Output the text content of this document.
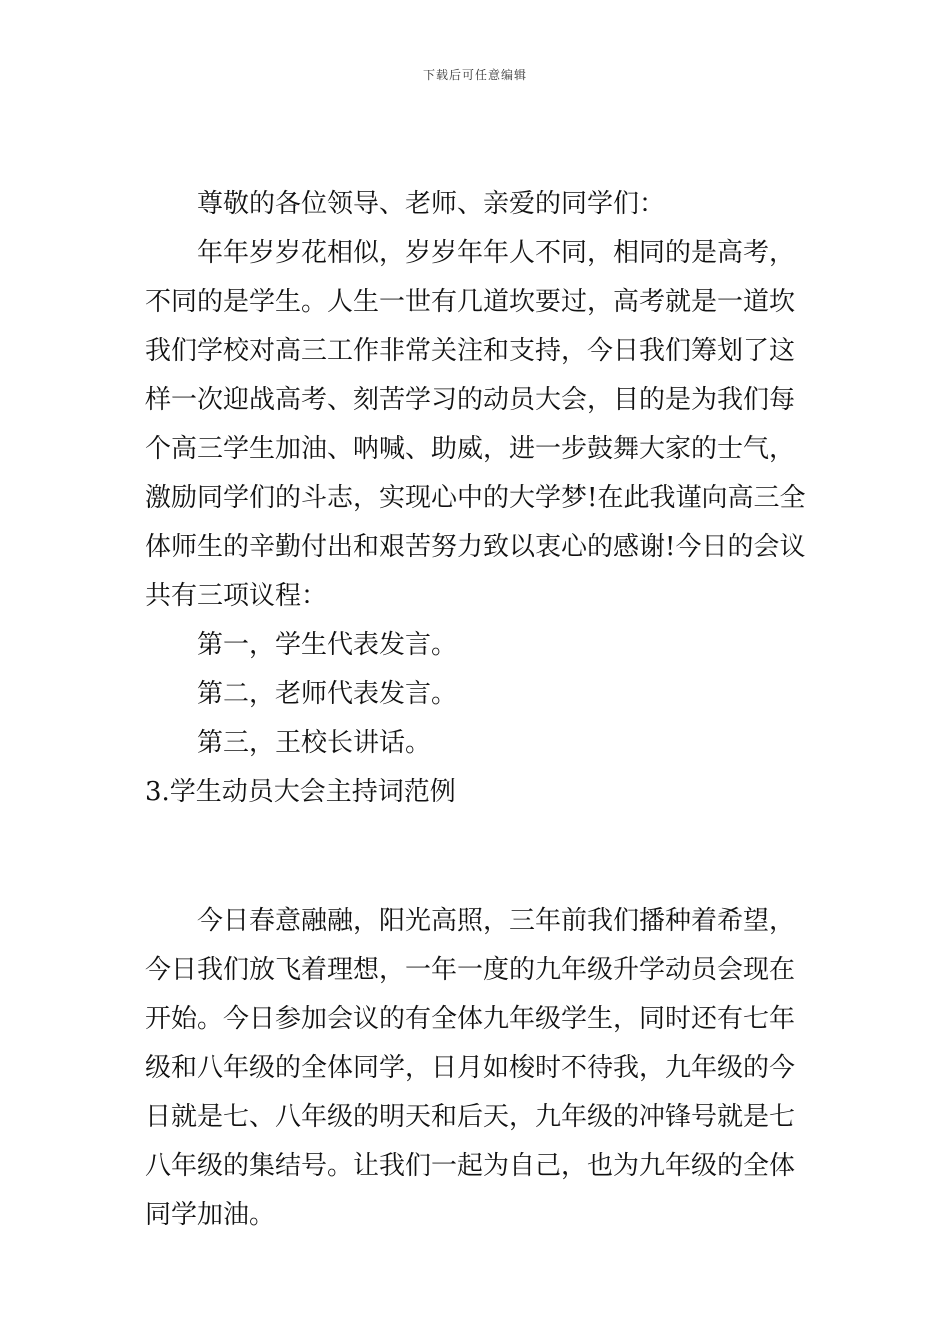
下载后可任意编辑
尊敬的各位领导、老师、亲爱的同学们：
年年岁岁花相似，岁岁年年人不同，相同的是高考，
不同的是学生。人生一世有几道坎要过，高考就是一道坎
我们学校对高三工作非常关注和支持，今日我们筹划了这
样一次迎战高考、刻苦学习的动员大会，目的是为我们每
个高三学生加油、呐喊、助威，进一步鼓舞大家的士气，
激励同学们的斗志，实现心中的大学梦!在此我谨向高三全
体师生的辛勤付出和艰苦努力致以衷心的感谢!今日的会议
共有三项议程：
第一，学生代表发言。
第二，老师代表发言。
第三，王校长讲话。
3.学生动员大会主持词范例
今日春意融融，阳光高照，三年前我们播种着希望，
今日我们放飞着理想，一年一度的九年级升学动员会现在
开始。今日参加会议的有全体九年级学生，同时还有七年
级和八年级的全体同学，日月如梭时不待我，九年级的今
日就是七、八年级的明天和后天，九年级的冲锋号就是七
八年级的集结号。让我们一起为自己，也为九年级的全体
同学加油。
